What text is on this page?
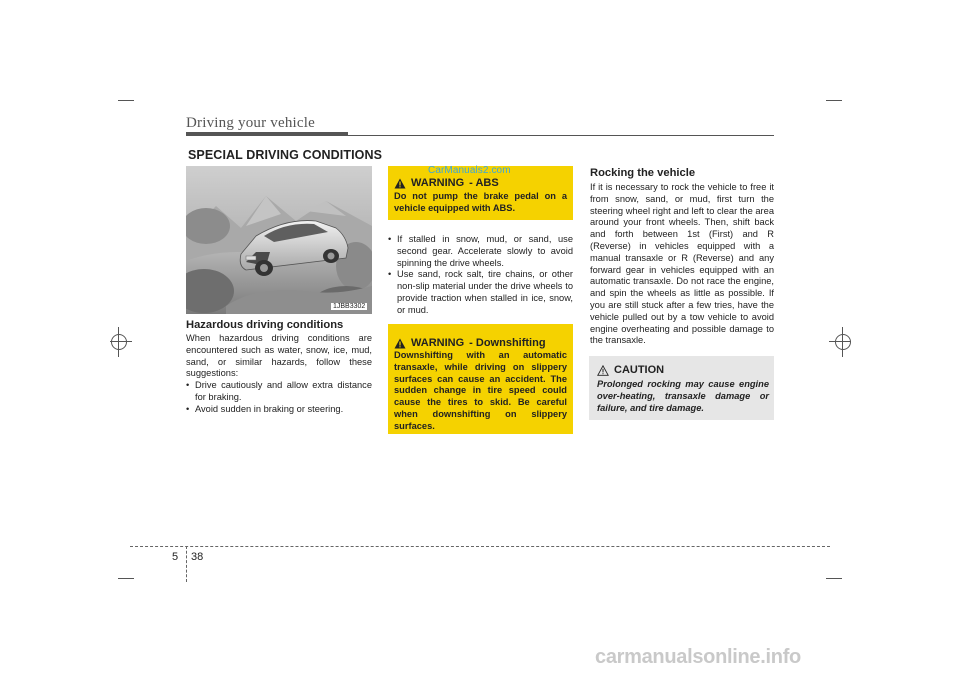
Driving your vehicle
SPECIAL DRIVING CONDITIONS
1JBB3302
Hazardous driving conditions
When hazardous driving conditions are encountered such as water, snow, ice, mud, sand, or similar hazards, follow these suggestions:
• Drive cautiously and allow extra distance for braking.
• Avoid sudden in braking or steering.
WARNING - ABS
Do not pump the brake pedal on a vehicle equipped with ABS.
• If stalled in snow, mud, or sand, use second gear. Accelerate slowly to avoid spinning the drive wheels.
• Use sand, rock salt, tire chains, or other non-slip material under the drive wheels to provide traction when stalled in ice, snow, or mud.
WARNING - Downshifting
Downshifting with an automatic transaxle, while driving on slippery surfaces can cause an accident. The sudden change in tire speed could cause the tires to skid. Be careful when downshifting on slippery surfaces.
Rocking the vehicle
If it is necessary to rock the vehicle to free it from snow, sand, or mud, first turn the steering wheel right and left to clear the area around your front wheels. Then, shift back and forth between 1st (First) and R (Reverse) in vehicles equipped with a manual transaxle or R (Reverse) and any forward gear in vehicles equipped with an automatic transaxle. Do not race the engine, and spin the wheels as little as possible. If you are still stuck after a few tries, have the vehicle pulled out by a tow vehicle to avoid engine overheating and possible damage to the transaxle.
CAUTION
Prolonged rocking may cause engine over-heating, transaxle damage or failure, and tire damage.
5 38
CarManuals2.com
carmanualsonline.info
